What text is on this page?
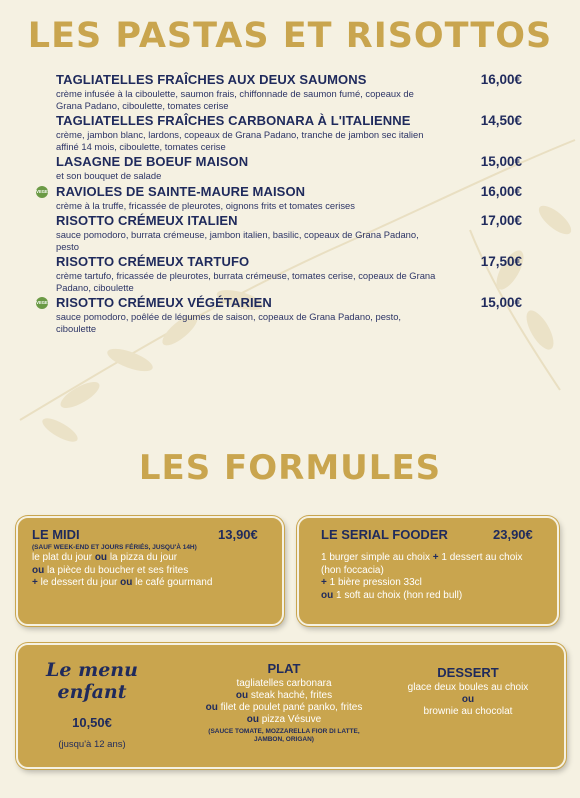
LES PASTAS ET RISOTTOS
TAGLIATELLES FRAÎCHES AUX DEUX SAUMONS	16,00€
crème infusée à la ciboulette, saumon frais, chiffonnade de saumon fumé, copeaux de Grana Padano, ciboulette, tomates cerise
TAGLIATELLES FRAÎCHES CARBONARA À L'ITALIENNE	14,50€
crème, jambon blanc, lardons, copeaux de Grana Padano, tranche de jambon sec italien affiné 14 mois, ciboulette, tomates cerise
LASAGNE DE BOEUF MAISON	15,00€
et son bouquet de salade
VEGE RAVIOLES DE SAINTE-MAURE MAISON	16,00€
crème à la truffe, fricassée de pleurotes, oignons frits et tomates cerises
RISOTTO CRÉMEUX ITALIEN	17,00€
sauce pomodoro, burrata crémeuse, jambon italien, basilic, copeaux de Grana Padano, pesto
RISOTTO CRÉMEUX TARTUFO	17,50€
crème tartufo, fricassée de pleurotes, burrata crémeuse, tomates cerise, copeaux de Grana Padano, ciboulette
VEGE RISOTTO CRÉMEUX VÉGÉTARIEN	15,00€
sauce pomodoro, poêlée de légumes de saison, copeaux de Grana Padano, pesto, ciboulette
LES FORMULES
LE MIDI	13,90€
(SAUF WEEK-END ET JOURS FÉRIÉS, JUSQU'À 14H)
le plat du jour ou la pizza du jour
ou la pièce du boucher et ses frites
+ le dessert du jour ou le café gourmand
LE SERIAL FOODER	23,90€
1 burger simple au choix + 1 dessert au choix
(hon foccacia)
+ 1 bière pression 33cl
ou 1 soft au choix (hon red bull)
Le menu
enfant
10,50€
(jusqu'à 12 ans)
PLAT
tagliatelles carbonara
ou steak haché, frites
ou filet de poulet pané panko, frites
ou pizza Vésuve
(SAUCE TOMATE, MOZZARELLA FIOR DI LATTE, JAMBON, ORIGAN)
DESSERT
glace deux boules au choix
ou
brownie au chocolat
